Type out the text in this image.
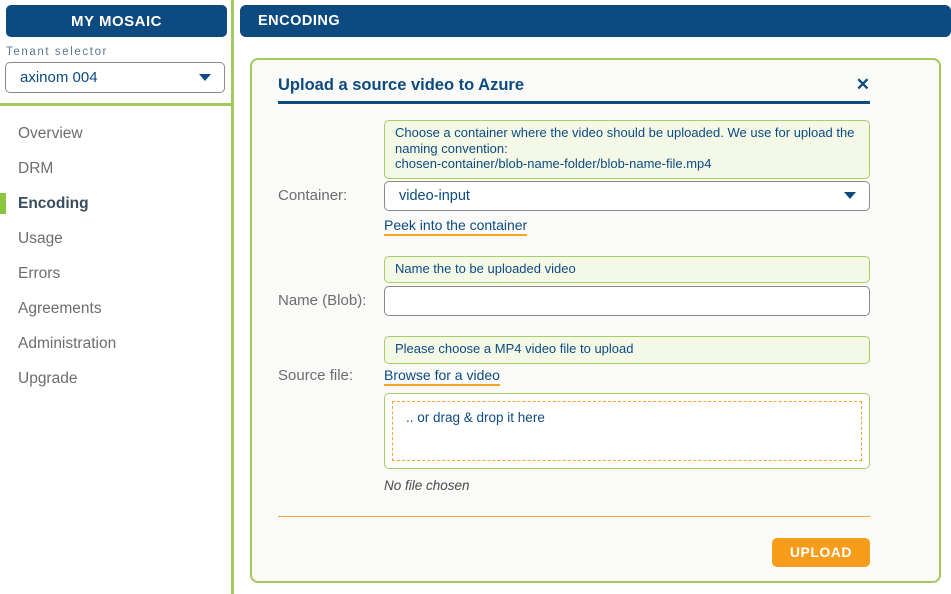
MY MOSAIC
Tenant selector
axinom 004
Overview
DRM
Encoding
Usage
Errors
Agreements
Administration
Upgrade
ENCODING
Upload a source video to Azure	✕
Choose a container where the video should be uploaded. We use for upload the naming convention:
chosen-container/blob-name-folder/blob-name-file.mp4
Container:	video-input
Peek into the container
Name the to be uploaded video
Name (Blob):
Please choose a MP4 video file to upload
Source file:	Browse for a video
.. or drag & drop it here
No file chosen
UPLOAD
